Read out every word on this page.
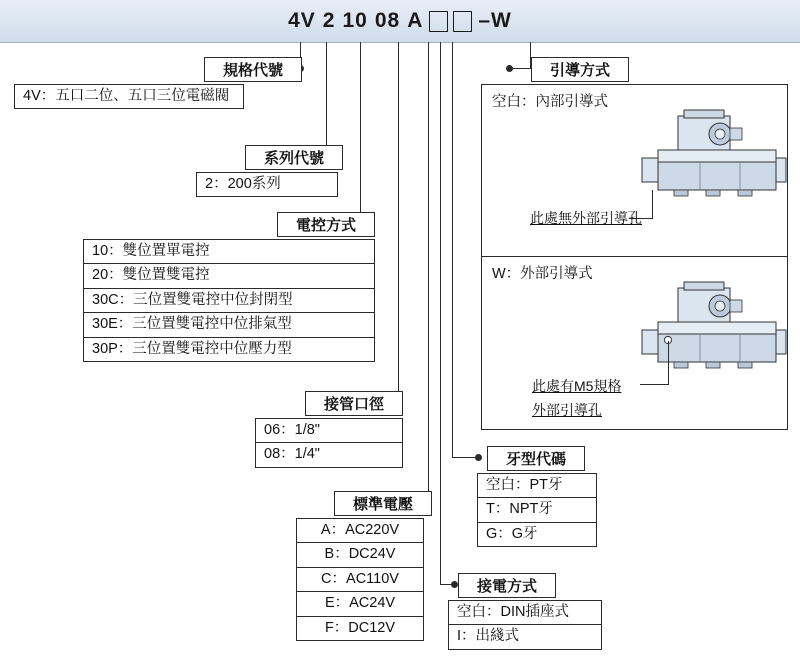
4V 2 10 08 A	–W
規格代號
4V：五口二位、五口三位電磁閥
系列代號
2：200系列
電控方式
10：雙位置單電控
20：雙位置雙電控
30C：三位置雙電控中位封閉型
30E：三位置雙電控中位排氣型
30P：三位置雙電控中位壓力型
接管口徑
06：1/8"
08：1/4"
標準電壓
A：AC220V
B：DC24V
C：AC110V
E：AC24V
F：DC12V
牙型代碼
空白：PT牙
T：NPT牙
G：G牙
接電方式
空白：DIN插座式
I：出綫式
引導方式
空白：內部引導式
此處無外部引導孔
W：外部引導式
此處有M5規格
外部引導孔
